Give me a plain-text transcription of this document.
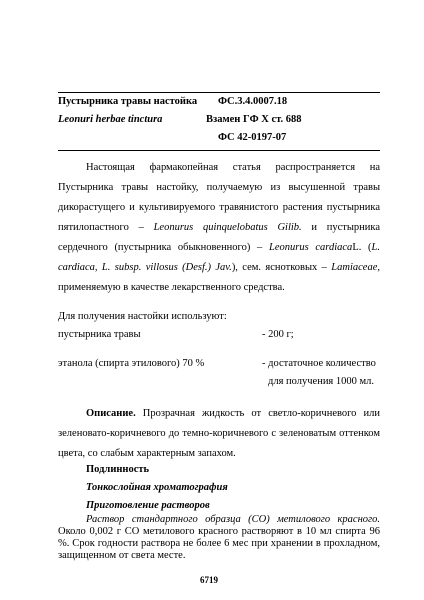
Пустырника травы настойка ФС.3.4.0007.18
Leonuri herbae tinctura	Взамен ГФ Х ст. 688
ФС 42-0197-07
Настоящая фармакопейная статья распространяется на Пустырника травы настойку, получаемую из высушенной травы дикорастущего и культивируемого травянистого растения пустырника пятилопастного – Leonurus quinquelobatus Gilib. и пустырника сердечного (пустырника обыкновенного) – Leonurus cardiacaL. (L. cardiaca, L. subsp. villosus (Desf.) Jav.), сем. яснотковых – Lamiaceae, применяемую в качестве лекарственного средства.
Для получения настойки используют:
пустырника травы	- 200 г;
этанола (спирта этилового) 70 %	- достаточное количество
для получения 1000 мл.
Описание. Прозрачная жидкость от светло-коричневого или зеленовато-коричневого до темно-коричневого с зеленоватым оттенком цвета, со слабым характерным запахом.
Подлинность
Тонкослойная хроматография
Приготовление растворов
Раствор стандартного образца (СО) метилового красного. Около 0,002 г СО метилового красного растворяют в 10 мл спирта 96 %. Срок годности раствора не более 6 мес при хранении в прохладном, защищенном от света месте.
6719
